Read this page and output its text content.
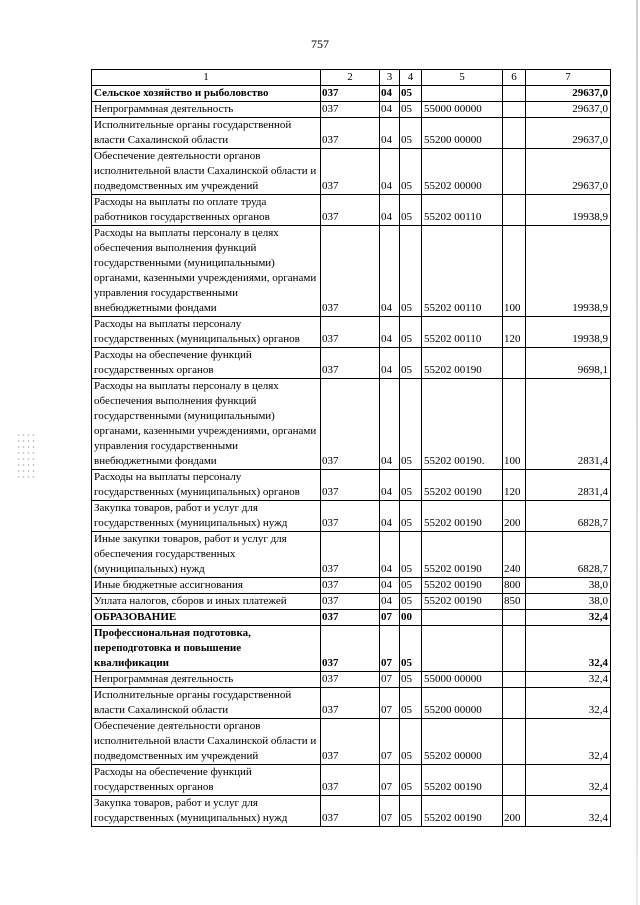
757
1	2	3	4	5	6	7
Сельское хозяйство и рыболовство	037	04	05			29637,0
Непрограммная деятельность	037	04	05	55000 00000		29637,0
Исполнительные органы государственной власти Сахалинской области	037	04	05	55200 00000		29637,0
Обеспечение деятельности органов исполнительной власти Сахалинской области и подведомственных им учреждений	037	04	05	55202 00000		29637,0
Расходы на выплаты по оплате труда работников государственных органов	037	04	05	55202 00110		19938,9
Расходы на выплаты персоналу в целях обеспечения выполнения функций государственными (муниципальными) органами, казенными учреждениями, органами управления государственными внебюджетными фондами	037	04	05	55202 00110	100	19938,9
Расходы на выплаты персоналу государственных (муниципальных) органов	037	04	05	55202 00110	120	19938,9
Расходы на обеспечение функций государственных органов	037	04	05	55202 00190		9698,1
Расходы на выплаты персоналу в целях обеспечения выполнения функций государственными (муниципальными) органами, казенными учреждениями, органами управления государственными внебюджетными фондами	037	04	05	55202 00190.	100	2831,4
Расходы на выплаты персоналу государственных (муниципальных) органов	037	04	05	55202 00190	120	2831,4
Закупка товаров, работ и услуг для государственных (муниципальных) нужд	037	04	05	55202 00190	200	6828,7
Иные закупки товаров, работ и услуг для обеспечения государственных (муниципальных) нужд	037	04	05	55202 00190	240	6828,7
Иные бюджетные ассигнования	037	04	05	55202 00190	800	38,0
Уплата налогов, сборов и иных платежей	037	04	05	55202 00190	850	38,0
ОБРАЗОВАНИЕ	037	07	00			32,4
Профессиональная подготовка, переподготовка и повышение квалификации	037	07	05			32,4
Непрограммная деятельность	037	07	05	55000 00000		32,4
Исполнительные органы государственной власти Сахалинской области	037	07	05	55200 00000		32,4
Обеспечение деятельности органов исполнительной власти Сахалинской области и подведомственных им учреждений	037	07	05	55202 00000		32,4
Расходы на обеспечение функций государственных органов	037	07	05	55202 00190		32,4
Закупка товаров, работ и услуг для государственных (муниципальных) нужд	037	07	05	55202 00190	200	32,4
